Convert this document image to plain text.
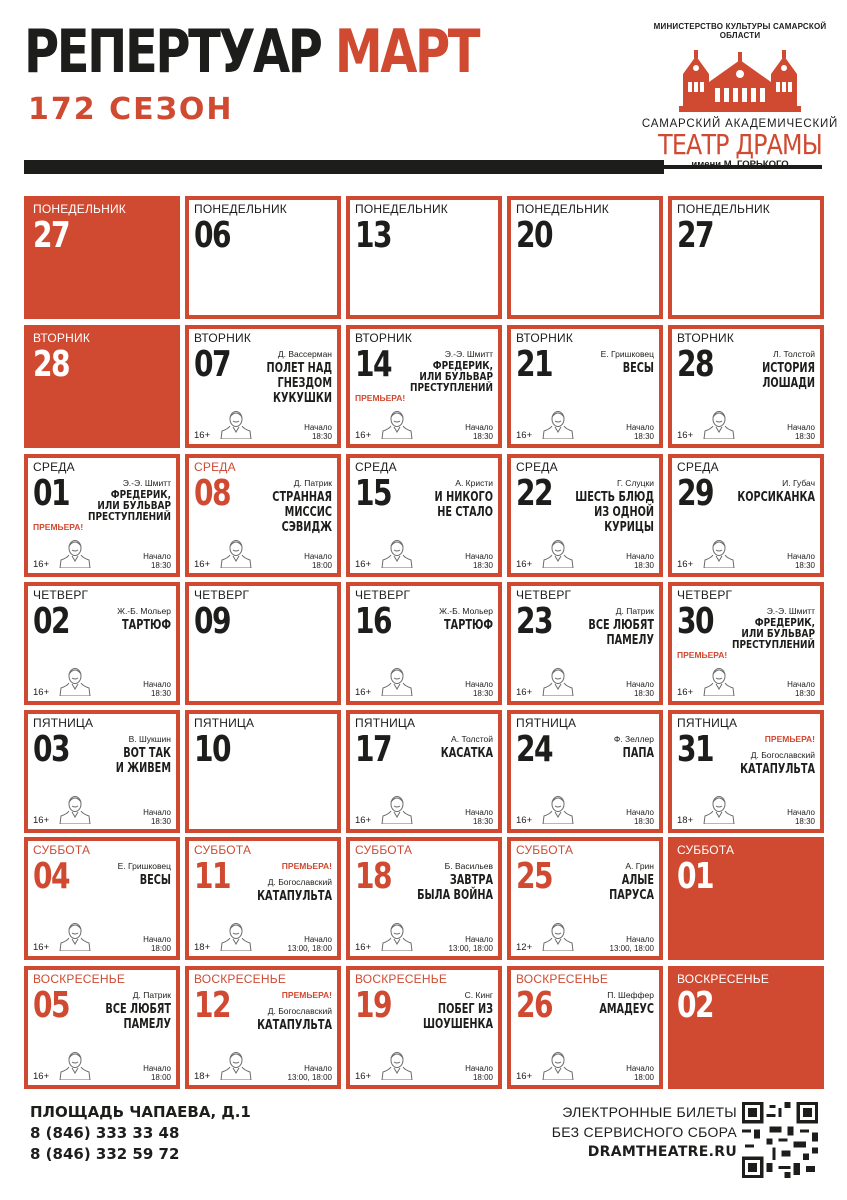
РЕПЕРТУАР МАРТ
172 СЕЗОН
МИНИСТЕРСТВО КУЛЬТУРЫ САМАРСКОЙ ОБЛАСТИ
САМАРСКИЙ АКАДЕМИЧЕСКИЙ
ТЕАТР ДРАМЫ
имени М. ГОРЬКОГО
ПОНЕДЕЛЬНИК
27
ПОНЕДЕЛЬНИК
06
ПОНЕДЕЛЬНИК
13
ПОНЕДЕЛЬНИК
20
ПОНЕДЕЛЬНИК
27
ВТОРНИК
28
ВТОРНИК
07	Д. Вассерман
ПОЛЕТ НАД
ГНЕЗДОМ
КУКУШКИ
16+
Начало
18:30
ВТОРНИК
14
ПРЕМЬЕРА!
Э.-Э. Шмитт
ФРЕДЕРИК,
ИЛИ БУЛЬВАР
ПРЕСТУПЛЕНИЙ
16+
Начало
18:30
ВТОРНИК
21	Е. Гришковец
ВЕСЫ
16+
Начало
18:30
ВТОРНИК
28	Л. Толстой
ИСТОРИЯ
ЛОШАДИ
16+
Начало
18:30
СРЕДА
01
ПРЕМЬЕРА!
Э.-Э. Шмитт
ФРЕДЕРИК,
ИЛИ БУЛЬВАР
ПРЕСТУПЛЕНИЙ
16+
Начало
18:30
СРЕДА
08	Д. Патрик
СТРАННАЯ
МИССИС
СЭВИДЖ
16+
Начало
18:00
СРЕДА
15	А. Кристи
И НИКОГО
НЕ СТАЛО
16+
Начало
18:30
СРЕДА
22	Г. Слуцки
ШЕСТЬ БЛЮД
ИЗ ОДНОЙ
КУРИЦЫ
16+
Начало
18:30
СРЕДА
29	И. Губач
КОРСИКАНКА
16+
Начало
18:30
ЧЕТВЕРГ
02	Ж.-Б. Мольер
ТАРТЮФ
16+
Начало
18:30
ЧЕТВЕРГ
09
ЧЕТВЕРГ
16	Ж.-Б. Мольер
ТАРТЮФ
16+
Начало
18:30
ЧЕТВЕРГ
23	Д. Патрик
ВСЕ ЛЮБЯТ
ПАМЕЛУ
16+
Начало
18:30
ЧЕТВЕРГ
30
ПРЕМЬЕРА!
Э.-Э. Шмитт
ФРЕДЕРИК,
ИЛИ БУЛЬВАР
ПРЕСТУПЛЕНИЙ
16+
Начало
18:30
ПЯТНИЦА
03	В. Шукшин
ВОТ ТАК
И ЖИВЕМ
16+
Начало
18:30
ПЯТНИЦА
10
ПЯТНИЦА
17	А. Толстой
КАСАТКА
16+
Начало
18:30
ПЯТНИЦА
24	Ф. Зеллер
ПАПА
16+
Начало
18:30
ПЯТНИЦА
31	ПРЕМЬЕРА!
Д. Богославский
КАТАПУЛЬТА
18+
Начало
18:30
СУББОТА
04	Е. Гришковец
ВЕСЫ
16+
Начало
18:00
СУББОТА
11	ПРЕМЬЕРА!
Д. Богославский
КАТАПУЛЬТА
18+
Начало
13:00, 18:00
СУББОТА
18	Б. Васильев
ЗАВТРА
БЫЛА ВОЙНА
16+
Начало
13:00, 18:00
СУББОТА
25	А. Грин
АЛЫЕ
ПАРУСА
12+
Начало
13:00, 18:00
СУББОТА
01
ВОСКРЕСЕНЬЕ
05	Д. Патрик
ВСЕ ЛЮБЯТ
ПАМЕЛУ
16+
Начало
18:00
ВОСКРЕСЕНЬЕ
12	ПРЕМЬЕРА!
Д. Богославский
КАТАПУЛЬТА
18+
Начало
13:00, 18:00
ВОСКРЕСЕНЬЕ
19	С. Кинг
ПОБЕГ ИЗ
ШОУШЕНКА
16+
Начало
18:00
ВОСКРЕСЕНЬЕ
26	П. Шеффер
АМАДЕУС
16+
Начало
18:00
ВОСКРЕСЕНЬЕ
02
ПЛОЩАДЬ ЧАПАЕВА, Д.1
8 (846) 333 33 48
8 (846) 332 59 72
ЭЛЕКТРОННЫЕ БИЛЕТЫ
БЕЗ СЕРВИСНОГО СБОРА
DRAMTHEATRE.RU
